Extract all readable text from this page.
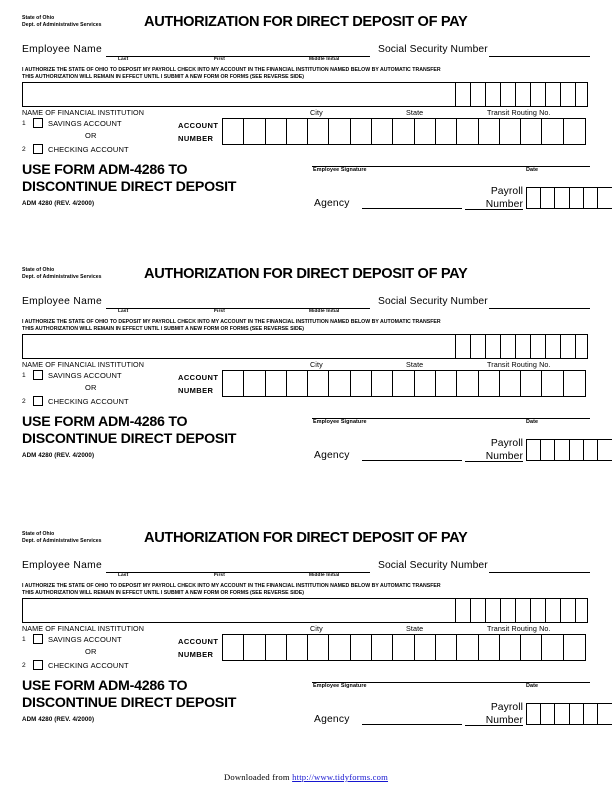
State of Ohio
Dept. of Administrative Services	AUTHORIZATION FOR DIRECT DEPOSIT OF PAY
Employee Name
Last	First	Middle Initial
Social Security Number
I AUTHORIZE THE STATE OF OHIO TO DEPOSIT MY PAYROLL CHECK INTO MY ACCOUNT IN THE FINANCIAL INSTITUTION NAMED BELOW BY AUTOMATIC TRANSFER
THIS AUTHORIZATION WILL REMAIN IN EFFECT UNTIL I SUBMIT A NEW FORM OR FORMS (SEE REVERSE SIDE)
NAME OF FINANCIAL INSTITUTION	City	State	Transit Routing No.
1	SAVINGS ACCOUNT
OR
2	CHECKING ACCOUNT
ACCOUNT
NUMBER
USE FORM ADM-4286 TO
DISCONTINUE DIRECT DEPOSIT
ADM 4280 (REV. 4/2000)
Employee Signature	Date
Agency
Payroll
Number
State of Ohio
Dept. of Administrative Services	AUTHORIZATION FOR DIRECT DEPOSIT OF PAY
Employee Name
Last	First	Middle Initial
Social Security Number
I AUTHORIZE THE STATE OF OHIO TO DEPOSIT MY PAYROLL CHECK INTO MY ACCOUNT IN THE FINANCIAL INSTITUTION NAMED BELOW BY AUTOMATIC TRANSFER
THIS AUTHORIZATION WILL REMAIN IN EFFECT UNTIL I SUBMIT A NEW FORM OR FORMS (SEE REVERSE SIDE)
NAME OF FINANCIAL INSTITUTION	City	State	Transit Routing No.
1	SAVINGS ACCOUNT
OR
2	CHECKING ACCOUNT
ACCOUNT
NUMBER
USE FORM ADM-4286 TO
DISCONTINUE DIRECT DEPOSIT
ADM 4280 (REV. 4/2000)
Employee Signature	Date
Agency
Payroll
Number
State of Ohio
Dept. of Administrative Services	AUTHORIZATION FOR DIRECT DEPOSIT OF PAY
Employee Name
Last	First	Middle Initial
Social Security Number
I AUTHORIZE THE STATE OF OHIO TO DEPOSIT MY PAYROLL CHECK INTO MY ACCOUNT IN THE FINANCIAL INSTITUTION NAMED BELOW BY AUTOMATIC TRANSFER
THIS AUTHORIZATION WILL REMAIN IN EFFECT UNTIL I SUBMIT A NEW FORM OR FORMS (SEE REVERSE SIDE)
NAME OF FINANCIAL INSTITUTION	City	State	Transit Routing No.
1	SAVINGS ACCOUNT
OR
2	CHECKING ACCOUNT
ACCOUNT
NUMBER
USE FORM ADM-4286 TO
DISCONTINUE DIRECT DEPOSIT
ADM 4280 (REV. 4/2000)
Employee Signature	Date
Agency
Payroll
Number
Downloaded from http://www.tidyforms.com
